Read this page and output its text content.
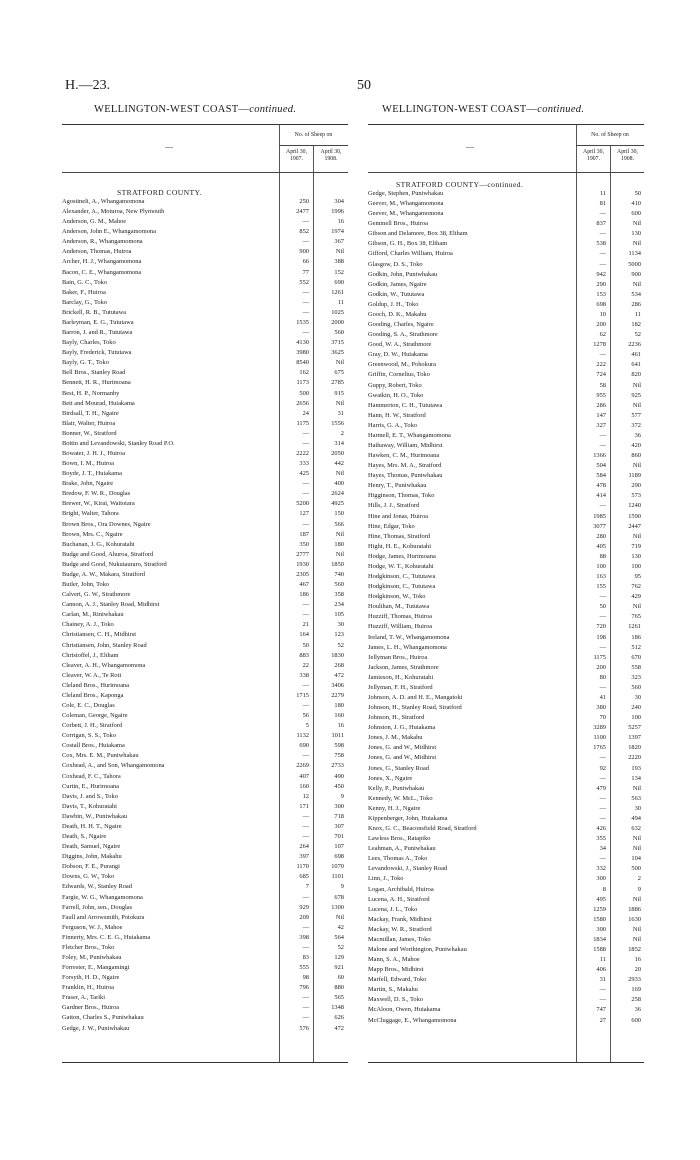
H.—23.	50
WELLINGTON-WEST COAST—continued.
—
No. of Sheep on
April 30, 1907.
April 30, 1908.
STRATFORD COUNTY.
Agostineli, A., Whangamomona	250	304
Alexander, A., Moturoa, New Plymouth	2477	1996
Anderson, G. M., Mahoe	—	16
Anderson, John E., Whangamomona	852	1974
Anderson, R., Whangamomona	—	367
Anderson, Thomas, Huiroa	900	Nil
Archer, H. J., Whangamomona	66	388
Bacon, C. E., Whangamomona	77	152
Bain, G. C., Toko	552	690
Baker, F., Huiroa	—	1261
Barclay, G., Toko	—	11
Brickell, R. B., Tututawa	—	1025
Barleyman, E. G., Tututawa	1535	2000
Barron, J. and R., Tututawa	—	560
Bayly, Charles, Toko	4130	3715
Bayly, Frederick, Tututawa	3980	3625
Bayly, G. T., Toko	8540	Nil
Bell Bros., Stanley Road	162	675
Bennett, H. R., Hurimoana	1173	2785
Best, H. P., Normanby	500	915
Bett and Mourad, Huiakama	2656	Nil
Birdsall, T. H., Ngaire	24	31
Blair, Walter, Huiroa	1175	1556
Bonner, W., Stratford	—	2
Bottin and Levandowski, Stanley Road P.O.	—	314
Bowater, J. H. J., Huiroa	2222	2050
Bown, I. M., Huiroa	333	442
Boyde, J. T., Huiakama	425	Nil
Brake, John, Ngaire	—	400
Bredow, F. W. R., Douglas	—	2624
Brewer, W., Kirai, Waitotara	5200	4925
Bright, Walter, Tahora	127	150
Brown Bros., Ora Downes, Ngaire	—	566
Brown, Mrs. C., Ngaire	187	Nil
Buchanan, J. G., Kohuratahi	350	180
Budge and Good, Ahuroa, Stratford	2777	Nil
Budge and Good, Nukutauraro, Stratford	1930	1850
Budge, A. W., Makara, Stratford	2305	740
Butler, John, Toko	467	560
Calvert, G. W., Strathmore	186	358
Cannon, A. J., Stanley Road, Midhirst	—	234
Carlan, M., Riniwhakau	—	105
Chainey, A. J., Toko	21	30
Christiansen, C. H., Midhirst	164	123
Christiansen, John, Stanley Road	50	52
Christoffel, J., Eltham	883	1830
Cleaver, A. H., Whangamomona	22	268
Cleaver, W. A., Te Roti	338	472
Cleland Bros., Hurimoana	—	3406
Cleland Bros., Kaponga	1715	2279
Cole, E. C., Douglas	—	180
Coleman, George, Ngaire	56	160
Corbett, J. H., Stratford	5	16
Corrigan, S. S., Toko	1132	1011
Costall Bros., Huiakama	690	598
Cox, Mrs. E. M., Puniwhakau	—	758
Coxhead, A., and Son, Whangamomona	2269	2733
Coxhead, F. C., Tahora	407	490
Curtin, E., Hurimoana	160	450
Davis, J. and S., Toko	12	9
Davis, T., Kohuratahi	171	300
Dawbin, W., Puniwhakau	—	718
Death, H. H. T., Ngaire	—	307
Death, S., Ngaire	—	701
Death, Samuel, Ngaire	264	107
Diggins, John, Makahu	397	698
Dobson, F. E., Purangi	1170	1070
Downs, G. W., Toko	685	1101
Edwards, W., Stanley Road	7	9
Fargie, W. G., Whangamomona	—	678
Farrell, John, sen., Douglas	929	1300
Faull and Arrowsmith, Potokura	209	Nil
Ferguson, W. J., Mahoe	—	42
Finnerty, Mrs. C. E. G., Huiakama	398	564
Fletcher Bros., Toko	—	52
Foley, M., Puniwhakau	83	129
Forrester, E., Mangamingi	555	921
Forsyth, H. D., Ngaire	98	60
Franklin, H., Huiroa	796	880
Fraser, A., Tariki	—	565
Gardner Bros., Huiroa	—	1348
Gatton, Charles S., Puniwhakau	—	626
Gedge, J. W., Puniwhakau	576	472
WELLINGTON-WEST COAST—continued.
—
No. of Sheep on
April 30, 1907.
April 30, 1908.
STRATFORD COUNTY—continued.
Gedge, Stephen, Puniwhakau	11	50
Geever, M., Whangamomona	81	410
Geever, M., Whangamomona	—	600
Gemmell Bros., Huiroa	837	Nil
Gibson and Delamore, Box 38, Eltham	—	130
Gibson, G. H., Box 38, Eltham	538	Nil
Gifford, Charles William, Huiroa	—	1134
Glasgow, D. S., Toko	—	5000
Godkin, John, Puniwhakau	942	900
Godkin, James, Ngaire	290	Nil
Godkin, W., Tututawa	153	534
Goldup, J. H., Toko	698	286
Gooch, D. K., Makahu	10	11
Gooding, Charles, Ngaire	200	182
Gooding, S. A., Strathmore	62	52
Good, W. A., Strathmore	1278	2236
Gray, D. W., Huiakama	—	461
Greenwood, M., Pohokura	222	641
Griffin, Cornelius, Toko	724	820
Guppy, Robert, Toko	58	Nil
Gwatkin, H. O., Toko	955	925
Hammerton, C. H., Tututawa	286	Nil
Hann, H. W., Stratford	147	577
Harris, G. A., Toko	327	372
Hartnell, E. T., Whangamomona	—	36
Hathaway, William, Midhirst	—	420
Hawken, C. M., Hurimoana	1366	860
Hayes, Mrs. M. A., Stratford	504	Nil
Hayes, Thomas, Puniwhakau	584	1189
Henry, T., Puniwhakau	478	290
Higginson, Thomas, Toko	414	573
Hills, J. J., Stratford	—	1240
Hine and Jonas, Huiroa	1985	1590
Hine, Edgar, Toko	3077	2447
Hine, Thomas, Stratford	280	Nil
Hight, H. E., Kohuratahi	405	719
Hodge, James, Hurimoana	88	130
Hodge, W. T., Kohuratahi	100	100
Hodgkinson, C., Tututawa	163	95
Hodgkinson, C., Tututawa	155	762
Hodgkinson, W., Toko	—	429
Houlihan, M., Tututawa	50	Nil
Huzziff, Thomas, Huiroa	—	765
Huzziff, William, Huiroa	720	1261
Ireland, T. W., Whangamomona	198	186
James, L. H., Whangamomona	—	512
Jellyman Bros., Huiroa	1175	670
Jackson, James, Strathmore	200	558
Jamieson, H., Kohuratahi	80	323
Jellyman, F. H., Stratford	—	560
Johnson, A. D. and H. E., Mangatoki	41	30
Johnson, H., Stanley Road, Stratford	380	240
Johnson, H., Stratford	70	100
Johnston, J. G., Huiakama	3289	5257
Jones, J. M., Makahu	1100	1397
Jones, G. and W., Midhirst	1765	1820
Jones, G. and W., Midhirst	—	2220
Jones, G., Stanley Road	92	193
Jones, X., Ngaire	—	134
Kelly, P., Puniwhakau	479	Nil
Kennedy, W. McL., Toko	—	563
Kenny, H. J., Ngaire	—	30
Kippenberger, John, Huiakama	—	494
Knox, G. C., Beaconsfield Road, Stratford	426	632
Lawless Bros., Ratapiko	355	Nil
Leahman, A., Puniwhakau	34	Nil
Lees, Thomas A., Toko	—	104
Levandowski, J., Stanley Road	332	500
Linn, J., Toko	300	2
Logan, Archibald, Huiroa	8	9
Lucena, A. H., Stratford	495	Nil
Lucena, J. L., Toko	1259	1886
Mackay, Frank, Midhirst	1580	1630
Mackay, W. R., Stratford	300	Nil
Macmillan, James, Toko	1834	Nil
Malone and Worthington, Puniwhakau	1588	1852
Mann, S. A., Mahoe	11	16
Mapp Bros., Midhirst	406	20
Marfell, Edward, Toko	31	2933
Martin, S., Makahu	—	169
Maxwell, D. S., Toko	—	258
McAloon, Owen, Huiakama	747	36
McCluggage, E., Whangamomona	27	600
